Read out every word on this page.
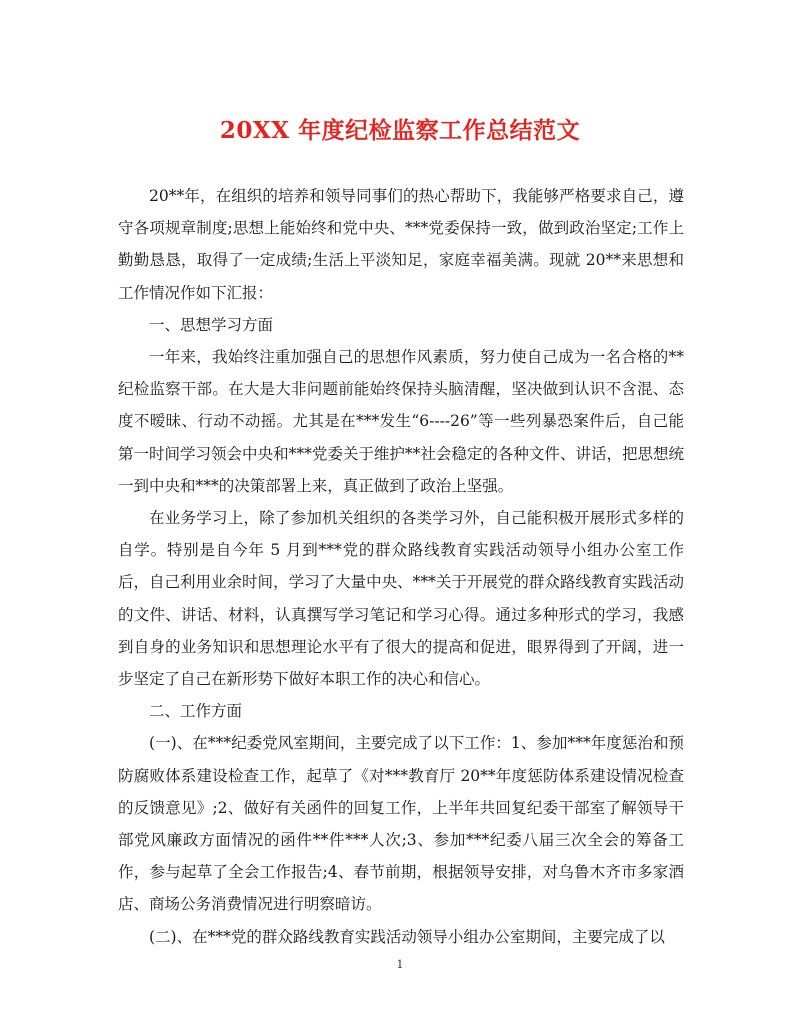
20XX 年度纪检监察工作总结范文

20**年，在组织的培养和领导同事们的热心帮助下，我能够严格要求自己，遵守各项规章制度;思想上能始终和党中央、***党委保持一致，做到政治坚定;工作上勤勤恳恳，取得了一定成绩;生活上平淡知足，家庭幸福美满。现就 20**来思想和工作情况作如下汇报：

一、思想学习方面

一年来，我始终注重加强自己的思想作风素质，努力使自己成为一名合格的**纪检监察干部。在大是大非问题前能始终保持头脑清醒，坚决做到认识不含混、态度不暧昧、行动不动摇。尤其是在***发生“6----26”等一些列暴恐案件后，自己能第一时间学习领会中央和***党委关于维护**社会稳定的各种文件、讲话，把思想统一到中央和***的决策部署上来，真正做到了政治上坚强。

在业务学习上，除了参加机关组织的各类学习外，自己能积极开展形式多样的自学。特别是自今年 5 月到***党的群众路线教育实践活动领导小组办公室工作后，自己利用业余时间，学习了大量中央、***关于开展党的群众路线教育实践活动的文件、讲话、材料，认真撰写学习笔记和学习心得。通过多种形式的学习，我感到自身的业务知识和思想理论水平有了很大的提高和促进，眼界得到了开阔，进一步坚定了自己在新形势下做好本职工作的决心和信心。

二、工作方面

(一)、在***纪委党风室期间，主要完成了以下工作：1、参加***年度惩治和预防腐败体系建设检查工作，起草了《对***教育厅 20**年度惩防体系建设情况检查的反馈意见》;2、做好有关函件的回复工作，上半年共回复纪委干部室了解领导干部党风廉政方面情况的函件**件***人次;3、参加***纪委八届三次全会的筹备工作，参与起草了全会工作报告;4、春节前期，根据领导安排，对乌鲁木齐市多家酒店、商场公务消费情况进行明察暗访。

(二)、在***党的群众路线教育实践活动领导小组办公室期间，主要完成了以

1
